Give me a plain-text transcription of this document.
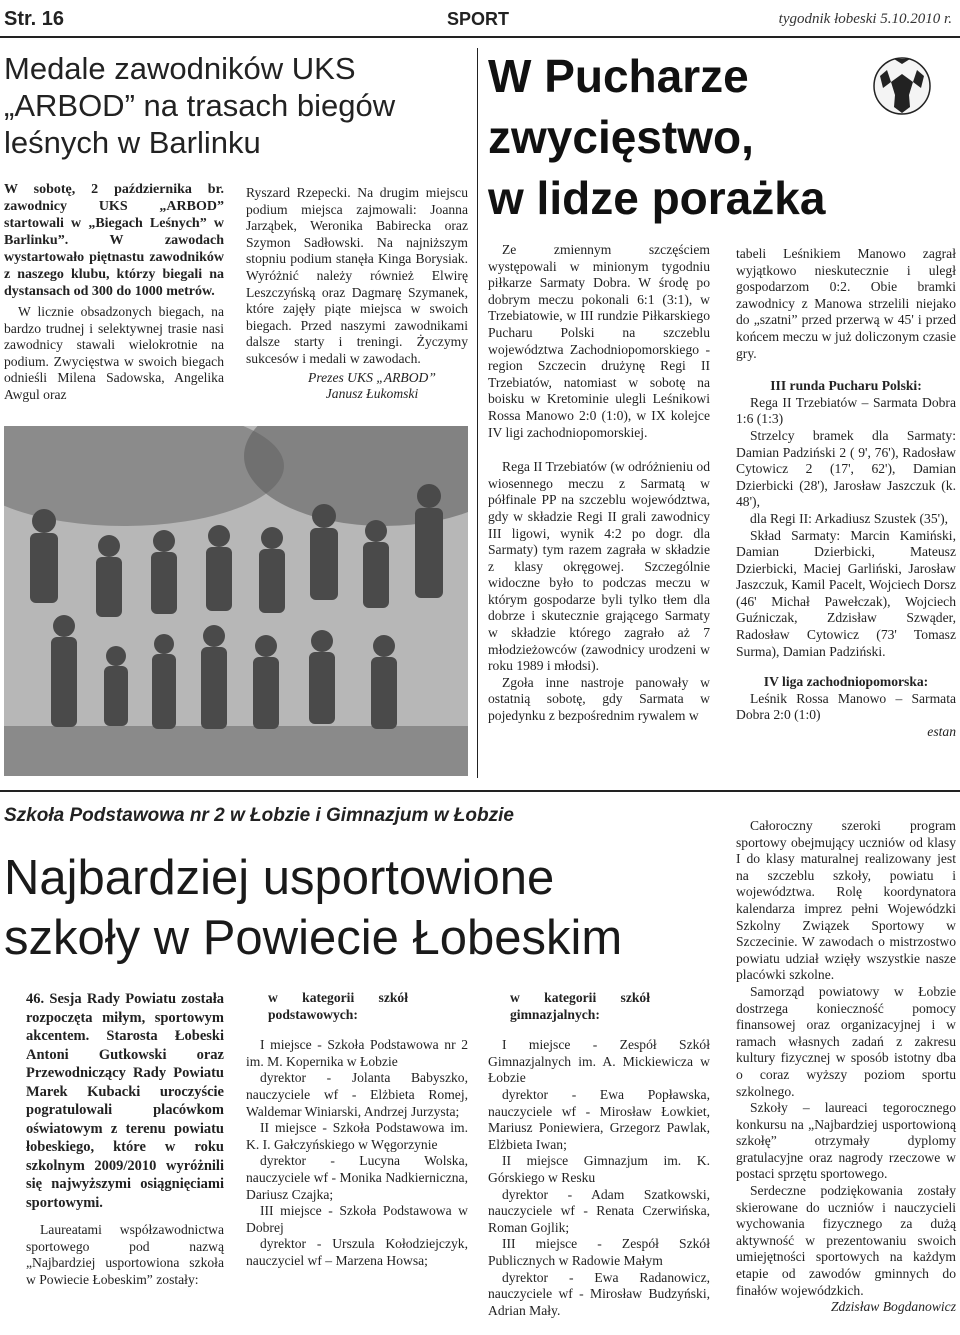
Str. 16	SPORT	tygodnik łobeski 5.10.2010 r.
Medale zawodników UKS
„ARBOD” na trasach biegów
leśnych w Barlinku

W sobotę, 2 października br. zawodnicy UKS „ARBOD” startowali w „Biegach Leśnych” w Barlinku”. W zawodach wystartowało piętnastu zawodników z naszego klubu, którzy biegali na dystansach od 300 do 1000 metrów.

W licznie obsadzonych biegach, na bardzo trudnej i selektywnej trasie nasi zawodnicy stawali wielokrotnie na podium. Zwycięstwa w swoich biegach odnieśli Milena Sadowska, Angelika Awgul oraz

Ryszard Rzepecki. Na drugim miejscu podium miejsca zajmowali: Joanna Jarząbek, Weronika Babirecka oraz Szymon Sadłowski. Na najniższym stopniu podium stanęła Kinga Borysiak. Wyróżnić należy również Elwirę Leszczyńską oraz Dagmarę Szymanek, które zajęły piąte miejsca w swoich biegach. Przed naszymi zawodnikami dalsze starty i treningi. Życzymy sukcesów i medali w zawodach.

Prezes UKS „ARBOD”
Janusz Łukomski
W Pucharze
zwycięstwo,
w lidze porażka

Ze zmiennym szczęściem występowali w minionym tygodniu piłkarze Sarmaty Dobra. W środę po dobrym meczu pokonali 6:1 (3:1), w Trzebiatowie, w III rundzie Piłkarskiego Pucharu Polski na szczeblu województwa Zachodniopomorskiego - region Szczecin drużynę Regi II Trzebiatów, natomiast w sobotę na boisku w Kretominie ulegli Leśnikowi Rossa Manowo 2:0 (1:0), w IX kolejce IV ligi zachodniopomorskiej.

Rega II Trzebiatów (w odróżnieniu od wiosennego meczu z Sarmatą w półfinale PP na szczeblu województwa, gdy w składzie Regi II grali zawodnicy III ligowi, wynik 4:2 po dogr. dla Sarmaty) tym razem zagrała w składzie z klasy okręgowej. Szczególnie widoczne było to podczas meczu w którym gospodarze byli tylko tłem dla dobrze i skutecznie grającego Sarmaty w składzie którego zagrało aż 7 młodzieżowców (zawodnicy urodzeni w roku 1989 i młodsi).

Zgoła inne nastroje panowały w ostatnią sobotę, gdy Sarmata w pojedynku z bezpośrednim rywalem w

tabeli Leśnikiem Manowo zagrał wyjątkowo nieskutecznie i uległ gospodarzom 0:2. Obie bramki zawodnicy z Manowa strzelili niejako do „szatni” przed przerwą w 45' i przed końcem meczu w już doliczonym czasie gry.

III runda Pucharu Polski:

Rega II Trzebiatów – Sarmata Dobra 1:6 (1:3)

Strzelcy bramek dla Sarmaty: Damian Padziński 2 ( 9', 76'), Radosław Cytowicz 2 (17', 62'), Damian Dzierbicki (28'), Jarosław Jaszczuk (k. 48'),

dla Regi II: Arkadiusz Szustek (35'),

Skład Sarmaty: Marcin Kamiński, Damian Dzierbicki, Mateusz Dzierbicki, Maciej Garliński, Jarosław Jaszczuk, Kamil Pacelt, Wojciech Dorsz (46' Michał Pawełczak), Wojciech Guźniczak, Zdzisław Szwąder, Radosław Cytowicz (73' Tomasz Surma), Damian Padziński.

IV liga zachodniopomorska:

Leśnik Rossa Manowo – Sarmata Dobra 2:0 (1:0)

estan
Szkoła Podstawowa nr 2 w Łobzie i Gimnazjum w Łobzie
Najbardziej usportowione
szkoły w Powiecie Łobeskim

46. Sesja Rady Powiatu została rozpoczęta miłym, sportowym akcentem. Starosta Łobeski Antoni Gutkowski oraz Przewodniczący Rady Powiatu Marek Kubacki uroczyście pogratulowali placówkom oświatowym z terenu powiatu łobeskiego, które w roku szkolnym 2009/2010 wyróżnili się najwyższymi osiągnięciami sportowymi.

Laureatami współzawodnictwa sportowego pod nazwą „Najbardziej usportowiona szkoła w Powiecie Łobeskim” zostały:

w kategorii szkół podstawowych:

I miejsce - Szkoła Podstawowa nr 2 im. M. Kopernika w Łobzie

dyrektor - Jolanta Babyszko, nauczyciele wf - Elżbieta Romej, Waldemar Winiarski, Andrzej Jurzysta;

II miejsce - Szkoła Podstawowa im. K. I. Gałczyńskiego w Węgorzynie

dyrektor - Lucyna Wolska, nauczyciele wf - Monika Nadkierniczna, Dariusz Czajka;

III miejsce - Szkoła Podstawowa w Dobrej

dyrektor - Urszula Kołodziejczyk, nauczyciel wf – Marzena Howsa;

w kategorii szkół gimnazjalnych:

I miejsce - Zespół Szkół Gimnazjalnych im. A. Mickiewicza w Łobzie

dyrektor - Ewa Popławska, nauczyciele wf - Mirosław Łowkiet, Mariusz Poniewiera, Grzegorz Pawlak, Elżbieta Iwan;

II miejsce Gimnazjum im. K. Górskiego w Resku

dyrektor - Adam Szatkowski, nauczyciele wf - Renata Czerwińska, Roman Gojlik;

III miejsce - Zespół Szkół Publicznych w Radowie Małym

dyrektor - Ewa Radanowicz, nauczyciele wf - Mirosław Budzyński, Adrian Mały.

Całoroczny szeroki program sportowy obejmujący uczniów od klasy I do klasy maturalnej realizowany jest na szczeblu szkoły, powiatu i województwa. Rolę koordynatora kalendarza imprez pełni Wojewódzki Szkolny Związek Sportowy w Szczecinie. W zawodach o mistrzostwo powiatu udział wzięły wszystkie nasze placówki szkolne.

Samorząd powiatowy w Łobzie dostrzega konieczność pomocy finansowej oraz organizacyjnej i w ramach własnych zadań z zakresu kultury fizycznej w sposób istotny dba o coraz wyższy poziom sportu szkolnego.

Szkoły – laureaci tegorocznego konkursu na „Najbardziej usportowioną szkołę” otrzymały dyplomy gratulacyjne oraz nagrody rzeczowe w postaci sprzętu sportowego.

Serdeczne podziękowania zostały skierowane do uczniów i nauczycieli wychowania fizycznego za dużą aktywność w prezentowaniu swoich umiejętności sportowych na każdym etapie od zawodów gminnych do finałów wojewódzkich.

Zdzisław Bogdanowicz
